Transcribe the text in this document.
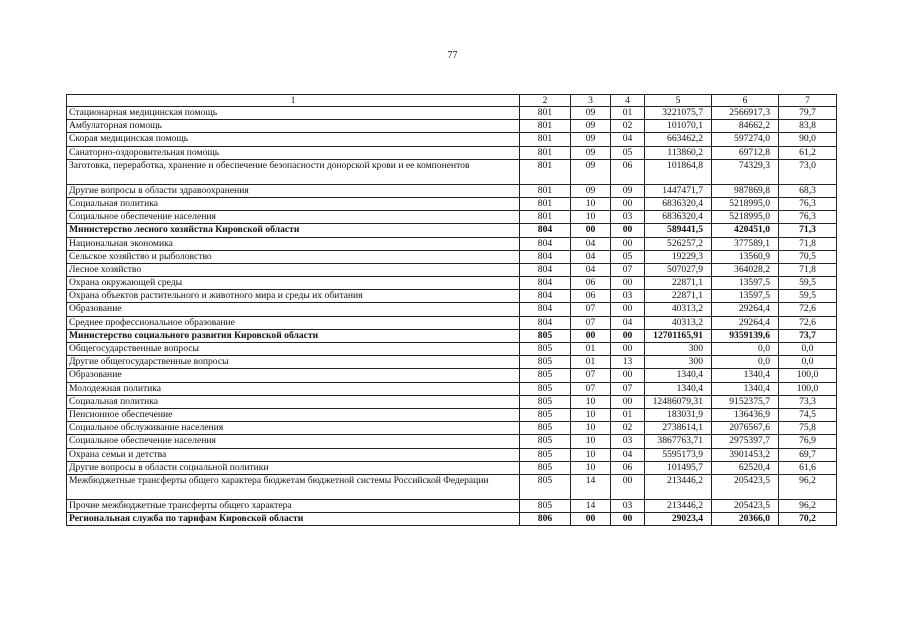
77
1	2	3	4	5	6	7
Стационарная медицинская помощь	801	09	01	3221075,7	2566917,3	79,7
Амбулаторная помощь	801	09	02	101070,1	84662,2	83,8
Скорая медицинская помощь	801	09	04	663462,2	597274,0	90,0
Санаторно-оздоровительная помощь	801	09	05	113860,2	69712,8	61,2
Заготовка, переработка, хранение и обеспечение безопасности донорской крови и ее компонентов	801	09	06	101864,8	74329,3	73,0
Другие вопросы в области здравоохранения	801	09	09	1447471,7	987869,8	68,3
Социальная политика	801	10	00	6836320,4	5218995,0	76,3
Социальное обеспечение населения	801	10	03	6836320,4	5218995,0	76,3
Министерство лесного хозяйства Кировской области	804	00	00	589441,5	420451,0	71,3
Национальная экономика	804	04	00	526257,2	377589,1	71,8
Сельское хозяйство и рыболовство	804	04	05	19229,3	13560,9	70,5
Лесное хозяйство	804	04	07	507027,9	364028,2	71,8
Охрана окружающей среды	804	06	00	22871,1	13597,5	59,5
Охрана объектов растительного и животного мира и среды их обитания	804	06	03	22871,1	13597,5	59,5
Образование	804	07	00	40313,2	29264,4	72,6
Среднее профессиональное образование	804	07	04	40313,2	29264,4	72,6
Министерство социального развития Кировской области	805	00	00	12701165,91	9359139,6	73,7
Общегосударственные вопросы	805	01	00	300	0,0	0,0
Другие общегосударственные вопросы	805	01	13	300	0,0	0,0
Образование	805	07	00	1340,4	1340,4	100,0
Молодежная политика	805	07	07	1340,4	1340,4	100,0
Социальная политика	805	10	00	12486079,31	9152375,7	73,3
Пенсионное обеспечение	805	10	01	183031,9	136436,9	74,5
Социальное обслуживание населения	805	10	02	2738614,1	2076567,6	75,8
Социальное обеспечение населения	805	10	03	3867763,71	2975397,7	76,9
Охрана семьи и детства	805	10	04	5595173,9	3901453,2	69,7
Другие вопросы в области социальной политики	805	10	06	101495,7	62520,4	61,6
Межбюджетные трансферты общего характера бюджетам бюджетной системы Российской Федерации	805	14	00	213446,2	205423,5	96,2
Прочие межбюджетные трансферты общего характера	805	14	03	213446,2	205423,5	96,2
Региональная служба по тарифам Кировской области	806	00	00	29023,4	20366,0	70,2
